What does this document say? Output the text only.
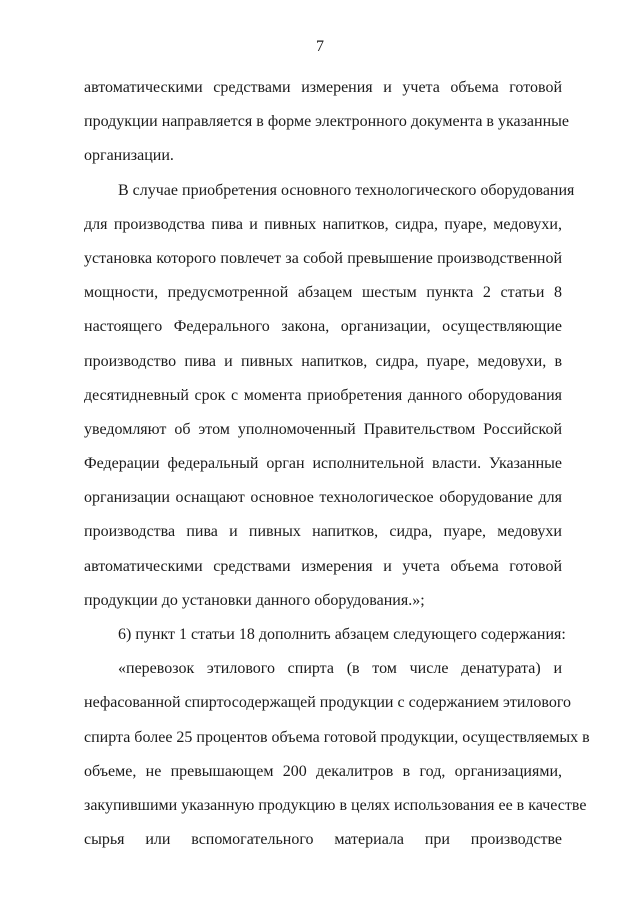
7
автоматическими средствами измерения и учета объема готовой
продукции направляется в форме электронного документа в указанные
организации.
В случае приобретения основного технологического оборудования
для производства пива и пивных напитков, сидра, пуаре, медовухи,
установка которого повлечет за собой превышение производственной
мощности, предусмотренной абзацем шестым пункта 2 статьи 8
настоящего Федерального закона, организации, осуществляющие
производство пива и пивных напитков, сидра, пуаре, медовухи, в
десятидневный срок с момента приобретения данного оборудования
уведомляют об этом уполномоченный Правительством Российской
Федерации федеральный орган исполнительной власти. Указанные
организации оснащают основное технологическое оборудование для
производства пива и пивных напитков, сидра, пуаре, медовухи
автоматическими средствами измерения и учета объема готовой
продукции до установки данного оборудования.»;
6) пункт 1 статьи 18 дополнить абзацем следующего содержания:
«перевозок этилового спирта (в том числе денатурата) и
нефасованной спиртосодержащей продукции с содержанием этилового
спирта более 25 процентов объема готовой продукции, осуществляемых в
объеме, не превышающем 200 декалитров в год, организациями,
закупившими указанную продукцию в целях использования ее в качестве
сырья или вспомогательного материала при производстве
